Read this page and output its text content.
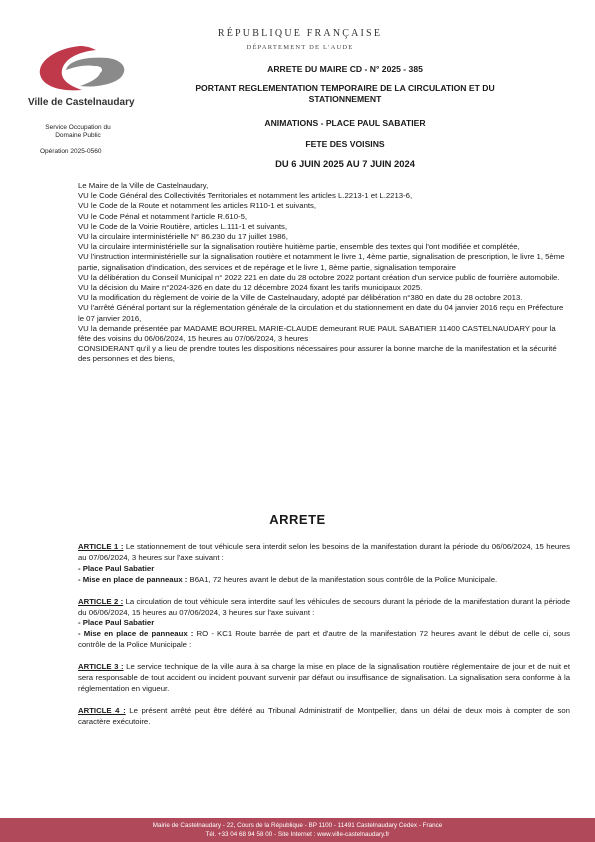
RÉPUBLIQUE FRANÇAISE
DÉPARTEMENT DE L'AUDE
Ville de Castelnaudary
Service Occupation du Domaine Public
Opération 2025-0560
ARRETE DU MAIRE CD - N° 2025 - 385
PORTANT REGLEMENTATION TEMPORAIRE DE LA CIRCULATION ET DU STATIONNEMENT
ANIMATIONS - PLACE PAUL SABATIER
FETE DES VOISINS
DU 6 JUIN 2025 AU 7 JUIN 2024

Le Maire de la Ville de Castelnaudary,

VU le Code Général des Collectivités Territoriales et notamment les articles L.2213-1 et L.2213-6,

VU le Code de la Route et notamment les articles R110-1 et suivants,

VU le Code Pénal et notamment l'article R.610-5,

VU le Code de la Voirie Routière, articles L.111-1 et suivants,

VU la circulaire interministérielle N° 86.230 du 17 juillet 1986,

VU la circulaire interministérielle sur la signalisation routière huitième partie, ensemble des textes qui l'ont modifiée et complétée,

VU l'instruction interministérielle sur la signalisation routière et notamment le livre 1, 4ème partie, signalisation de prescription, le livre 1, 5ème partie, signalisation d'indication, des services et de repérage et le livre 1, 8ème partie, signalisation temporaire

VU la délibération du Conseil Municipal n° 2022 221 en date du 28 octobre 2022 portant création d'un service public de fourrière automobile.

VU la décision du Maire n°2024-326 en date du 12 décembre 2024 fixant les tarifs municipaux 2025.

VU la modification du règlement de voirie de la Ville de Castelnaudary, adopté par délibération n°380 en date du 28 octobre 2013.

VU l'arrêté Général portant sur la réglementation générale de la circulation et du stationnement en date du 04 janvier 2016 reçu en Préfecture le 07 janvier 2016,

VU la demande présentée par MADAME BOURREL MARIE-CLAUDE demeurant RUE PAUL SABATIER 11400 CASTELNAUDARY pour la fête des voisins du 06/06/2024, 15 heures au 07/06/2024, 3 heures

CONSIDERANT qu'il y a lieu de prendre toutes les dispositions nécessaires pour assurer la bonne marche de la manifestation et la sécurité des personnes et des biens,

ARRETE
ARTICLE 1 : Le stationnement de tout véhicule sera interdit selon les besoins de la manifestation durant la période du 06/06/2024, 15 heures au 07/06/2024, 3 heures sur l'axe suivant :
- Place Paul Sabatier
- Mise en place de panneaux : B6A1, 72 heures avant le debut de la manifestation sous contrôle de la Police Municipale.
ARTICLE 2 : La circulation de tout véhicule sera interdite sauf les véhicules de secours durant la période de la manifestation durant la période du 06/06/2024, 15 heures au 07/06/2024, 3 heures sur l'axe suivant :
- Place Paul Sabatier
- Mise en place de panneaux : RO - KC1 Route barrée de part et d'autre de la manifestation 72 heures avant le début de celle ci, sous contrôle de la Police Municipale :
ARTICLE 3 : Le service technique de la ville aura à sa charge la mise en place de la signalisation routière réglementaire de jour et de nuit et sera responsable de tout accident ou incident pouvant survenir par défaut ou insuffisance de signalisation. La signalisation sera conforme à la réglementation en vigueur.
ARTICLE 4 : Le présent arrêté peut être déféré au Tribunal Administratif de Montpellier, dans un délai de deux mois à compter de son caractère exécutoire.
Mairie de Castelnaudary - 22, Cours de la République - BP 1100 - 11491 Castelnaudary Cedex - France
Tél. +33 04 68 94 58 00 - Site Internet : www.ville-castelnaudary.fr
